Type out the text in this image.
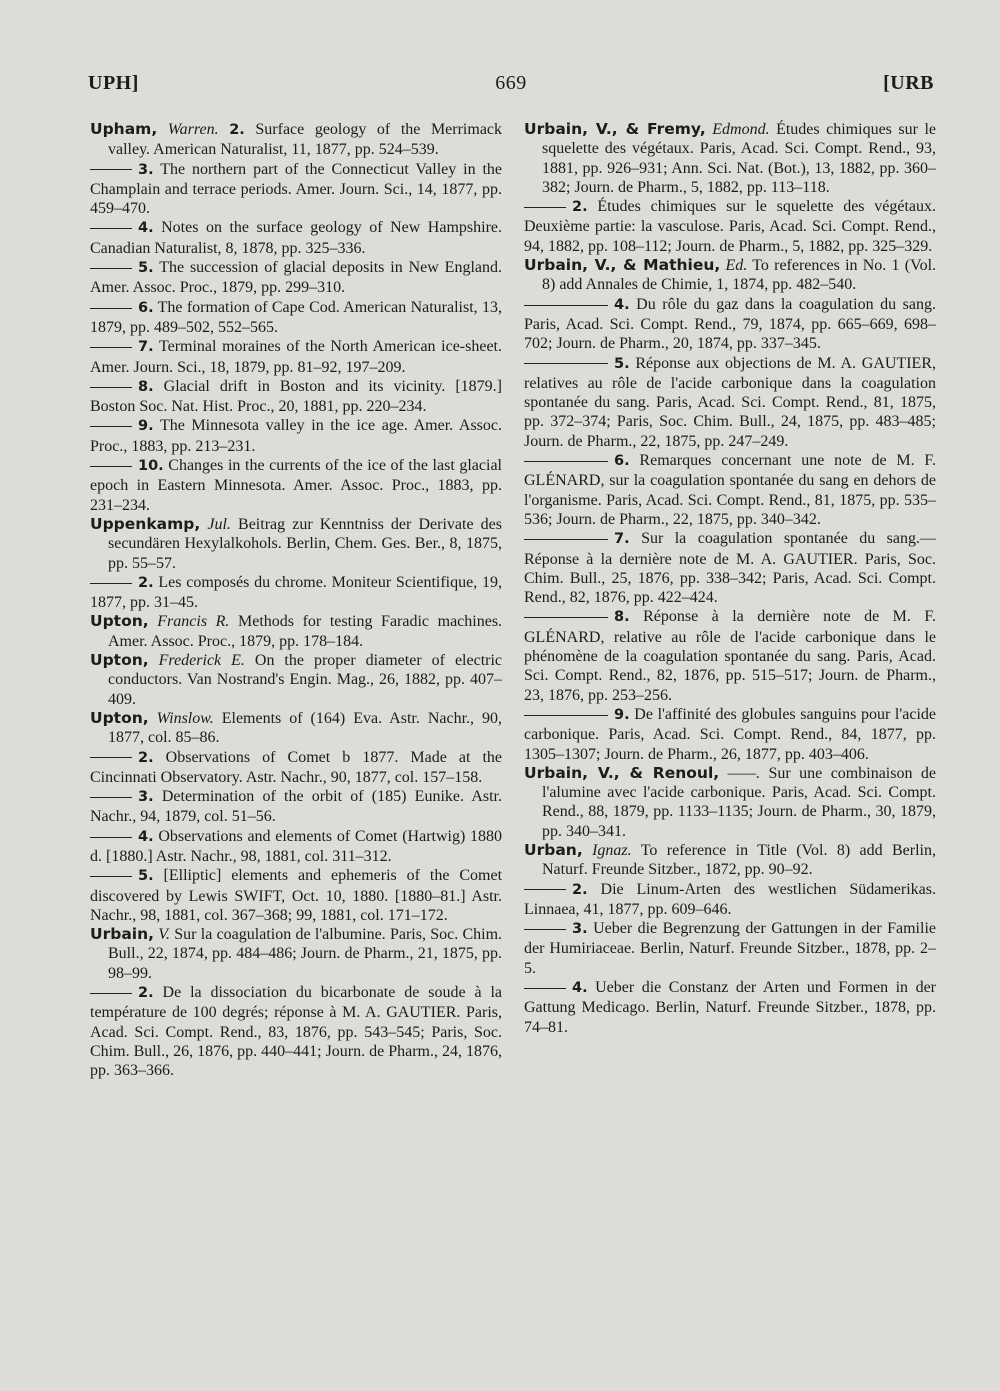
UPH]	669	[URB

Upham, Warren. 2. Surface geology of the Merrimack valley. American Naturalist, 11, 1877, pp. 524–539.

3. The northern part of the Connecticut Valley in the Champlain and terrace periods. Amer. Journ. Sci., 14, 1877, pp. 459–470.

4. Notes on the surface geology of New Hampshire. Canadian Naturalist, 8, 1878, pp. 325–336.

5. The succession of glacial deposits in New England. Amer. Assoc. Proc., 1879, pp. 299–310.

6. The formation of Cape Cod. American Naturalist, 13, 1879, pp. 489–502, 552–565.

7. Terminal moraines of the North American ice-sheet. Amer. Journ. Sci., 18, 1879, pp. 81–92, 197–209.

8. Glacial drift in Boston and its vicinity. [1879.] Boston Soc. Nat. Hist. Proc., 20, 1881, pp. 220–234.

9. The Minnesota valley in the ice age. Amer. Assoc. Proc., 1883, pp. 213–231.

10. Changes in the currents of the ice of the last glacial epoch in Eastern Minnesota. Amer. Assoc. Proc., 1883, pp. 231–234.

Uppenkamp, Jul. Beitrag zur Kenntniss der Derivate des secundären Hexylalkohols. Berlin, Chem. Ges. Ber., 8, 1875, pp. 55–57.

2. Les composés du chrome. Moniteur Scientifique, 19, 1877, pp. 31–45.

Upton, Francis R. Methods for testing Faradic machines. Amer. Assoc. Proc., 1879, pp. 178–184.

Upton, Frederick E. On the proper diameter of electric conductors. Van Nostrand's Engin. Mag., 26, 1882, pp. 407–409.

Upton, Winslow. Elements of (164) Eva. Astr. Nachr., 90, 1877, col. 85–86.

2. Observations of Comet b 1877. Made at the Cincinnati Observatory. Astr. Nachr., 90, 1877, col. 157–158.

3. Determination of the orbit of (185) Eunike. Astr. Nachr., 94, 1879, col. 51–56.

4. Observations and elements of Comet (Hartwig) 1880 d. [1880.] Astr. Nachr., 98, 1881, col. 311–312.

5. [Elliptic] elements and ephemeris of the Comet discovered by Lewis SWIFT, Oct. 10, 1880. [1880–81.] Astr. Nachr., 98, 1881, col. 367–368; 99, 1881, col. 171–172.

Urbain, V. Sur la coagulation de l'albumine. Paris, Soc. Chim. Bull., 22, 1874, pp. 484–486; Journ. de Pharm., 21, 1875, pp. 98–99.

2. De la dissociation du bicarbonate de soude à la température de 100 degrés; réponse à M. A. GAUTIER. Paris, Acad. Sci. Compt. Rend., 83, 1876, pp. 543–545; Paris, Soc. Chim. Bull., 26, 1876, pp. 440–441; Journ. de Pharm., 24, 1876, pp. 363–366.

Urbain, V., & Fremy, Edmond. Études chimiques sur le squelette des végétaux. Paris, Acad. Sci. Compt. Rend., 93, 1881, pp. 926–931; Ann. Sci. Nat. (Bot.), 13, 1882, pp. 360–382; Journ. de Pharm., 5, 1882, pp. 113–118.

2. Études chimiques sur le squelette des végétaux. Deuxième partie: la vasculose. Paris, Acad. Sci. Compt. Rend., 94, 1882, pp. 108–112; Journ. de Pharm., 5, 1882, pp. 325–329.

Urbain, V., & Mathieu, Ed. To references in No. 1 (Vol. 8) add Annales de Chimie, 1, 1874, pp. 482–540.

4. Du rôle du gaz dans la coagulation du sang. Paris, Acad. Sci. Compt. Rend., 79, 1874, pp. 665–669, 698–702; Journ. de Pharm., 20, 1874, pp. 337–345.

5. Réponse aux objections de M. A. GAUTIER, relatives au rôle de l'acide carbonique dans la coagulation spontanée du sang. Paris, Acad. Sci. Compt. Rend., 81, 1875, pp. 372–374; Paris, Soc. Chim. Bull., 24, 1875, pp. 483–485; Journ. de Pharm., 22, 1875, pp. 247–249.

6. Remarques concernant une note de M. F. GLÉNARD, sur la coagulation spontanée du sang en dehors de l'organisme. Paris, Acad. Sci. Compt. Rend., 81, 1875, pp. 535–536; Journ. de Pharm., 22, 1875, pp. 340–342.

7. Sur la coagulation spontanée du sang.—Réponse à la dernière note de M. A. GAUTIER. Paris, Soc. Chim. Bull., 25, 1876, pp. 338–342; Paris, Acad. Sci. Compt. Rend., 82, 1876, pp. 422–424.

8. Réponse à la dernière note de M. F. GLÉNARD, relative au rôle de l'acide carbonique dans le phénomène de la coagulation spontanée du sang. Paris, Acad. Sci. Compt. Rend., 82, 1876, pp. 515–517; Journ. de Pharm., 23, 1876, pp. 253–256.

9. De l'affinité des globules sanguins pour l'acide carbonique. Paris, Acad. Sci. Compt. Rend., 84, 1877, pp. 1305–1307; Journ. de Pharm., 26, 1877, pp. 403–406.

Urbain, V., & Renoul, ——. Sur une combinaison de l'alumine avec l'acide carbonique. Paris, Acad. Sci. Compt. Rend., 88, 1879, pp. 1133–1135; Journ. de Pharm., 30, 1879, pp. 340–341.

Urban, Ignaz. To reference in Title (Vol. 8) add Berlin, Naturf. Freunde Sitzber., 1872, pp. 90–92.

2. Die Linum-Arten des westlichen Südamerikas. Linnaea, 41, 1877, pp. 609–646.

3. Ueber die Begrenzung der Gattungen in der Familie der Humiriaceae. Berlin, Naturf. Freunde Sitzber., 1878, pp. 2–5.

4. Ueber die Constanz der Arten und Formen in der Gattung Medicago. Berlin, Naturf. Freunde Sitzber., 1878, pp. 74–81.
